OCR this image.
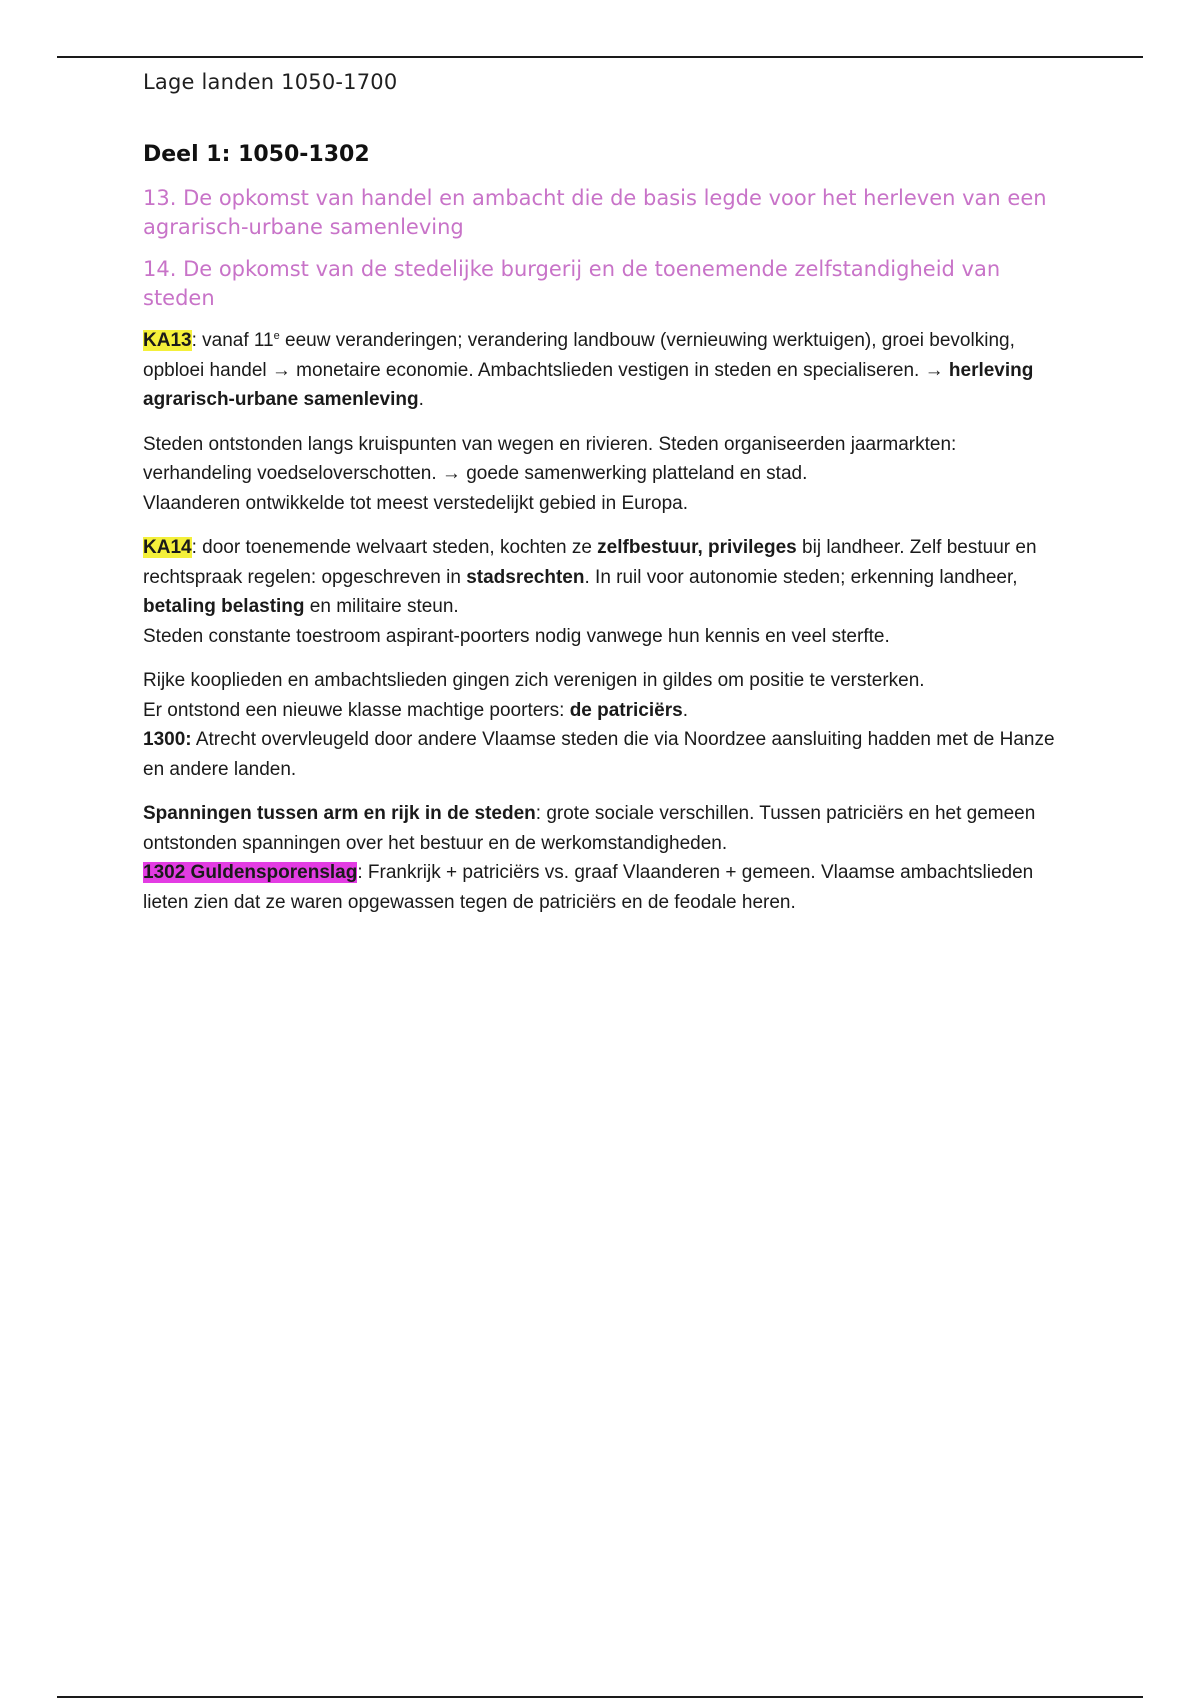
Lage landen 1050-1700
Deel 1: 1050-1302
13. De opkomst van handel en ambacht die de basis legde voor het herleven van een agrarisch-urbane samenleving
14. De opkomst van de stedelijke burgerij en de toenemende zelfstandigheid van steden
KA13: vanaf 11e eeuw veranderingen; verandering landbouw (vernieuwing werktuigen), groei bevolking, opbloei handel → monetaire economie. Ambachtslieden vestigen in steden en specialiseren. → herleving agrarisch-urbane samenleving.
Steden ontstonden langs kruispunten van wegen en rivieren. Steden organiseerden jaarmarkten: verhandeling voedseloverschotten. → goede samenwerking platteland en stad.
Vlaanderen ontwikkelde tot meest verstedelijkt gebied in Europa.
KA14: door toenemende welvaart steden, kochten ze zelfbestuur, privileges bij landheer. Zelf bestuur en rechtspraak regelen: opgeschreven in stadsrechten. In ruil voor autonomie steden; erkenning landheer, betaling belasting en militaire steun.
Steden constante toestroom aspirant-poorters nodig vanwege hun kennis en veel sterfte.
Rijke kooplieden en ambachtslieden gingen zich verenigen in gildes om positie te versterken.
Er ontstond een nieuwe klasse machtige poorters: de patriciërs.
1300: Atrecht overvleugeld door andere Vlaamse steden die via Noordzee aansluiting hadden met de Hanze en andere landen.
Spanningen tussen arm en rijk in de steden: grote sociale verschillen. Tussen patriciërs en het gemeen ontstonden spanningen over het bestuur en de werkomstandigheden.
1302 Guldensporenslag: Frankrijk + patriciërs vs. graaf Vlaanderen + gemeen. Vlaamse ambachtslieden lieten zien dat ze waren opgewassen tegen de patriciërs en de feodale heren.
